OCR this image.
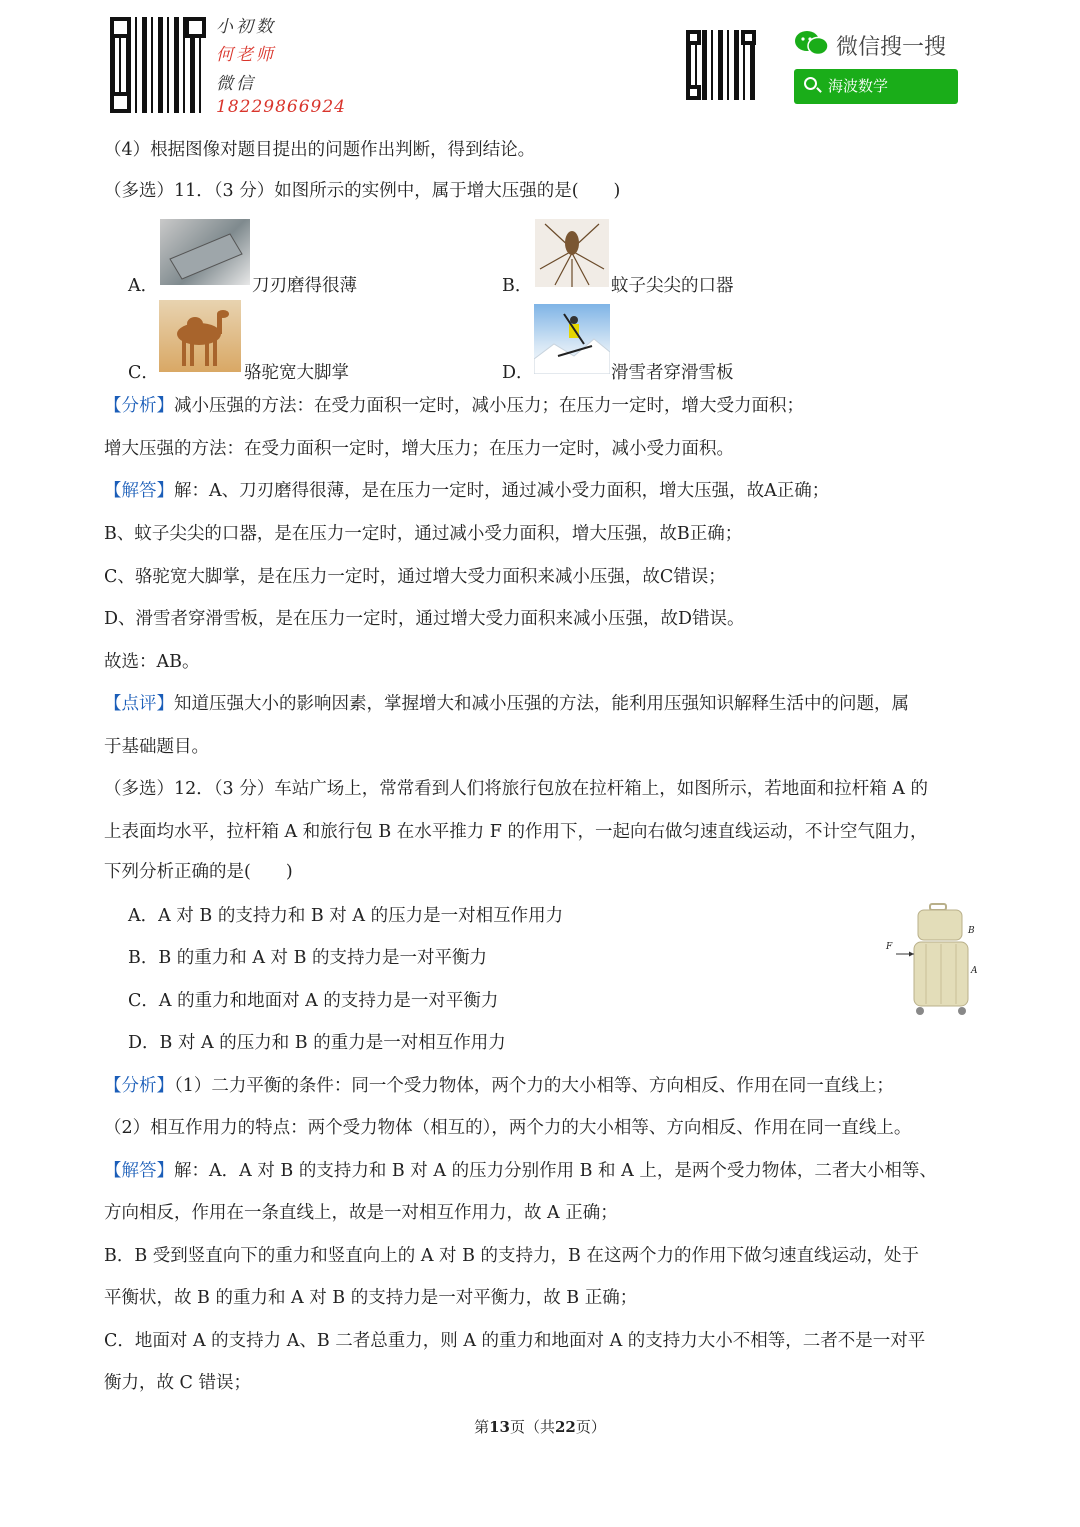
小初数
何老师
微信
18229866924
微信搜一搜
海波数学
（4）根据图像对题目提出的问题作出判断，得到结论。
（多选）11．（3 分）如图所示的实例中，属于增大压强的是(　　)
A．	刀刃磨得很薄	B．	蚊子尖尖的口器
C．	骆驼宽大脚掌	D．	滑雪者穿滑雪板
【分析】减小压强的方法：在受力面积一定时，减小压力；在压力一定时，增大受力面积；
增大压强的方法：在受力面积一定时，增大压力；在压力一定时，减小受力面积。
【解答】解：A、刀刃磨得很薄，是在压力一定时，通过减小受力面积，增大压强，故A正确；
B、蚊子尖尖的口器，是在压力一定时，通过减小受力面积，增大压强，故B正确；
C、骆驼宽大脚掌，是在压力一定时，通过增大受力面积来减小压强，故C错误；
D、滑雪者穿滑雪板，是在压力一定时，通过增大受力面积来减小压强，故D错误。
故选：AB。
【点评】知道压强大小的影响因素，掌握增大和减小压强的方法，能利用压强知识解释生活中的问题，属
于基础题目。
（多选）12．（3 分）车站广场上，常常看到人们将旅行包放在拉杆箱上，如图所示，若地面和拉杆箱 A 的
上表面均水平，拉杆箱 A 和旅行包 B 在水平推力 F 的作用下，一起向右做匀速直线运动，不计空气阻力，
下列分析正确的是(　　)
A．A 对 B 的支持力和 B 对 A 的压力是一对相互作用力
B．B 的重力和 A 对 B 的支持力是一对平衡力
C．A 的重力和地面对 A 的支持力是一对平衡力
D．B 对 A 的压力和 B 的重力是一对相互作用力
F
B
A
【分析】（1）二力平衡的条件：同一个受力物体，两个力的大小相等、方向相反、作用在同一直线上；
（2）相互作用力的特点：两个受力物体（相互的），两个力的大小相等、方向相反、作用在同一直线上。
【解答】解：A．A 对 B 的支持力和 B 对 A 的压力分别作用 B 和 A 上，是两个受力物体，二者大小相等、
方向相反，作用在一条直线上，故是一对相互作用力，故 A 正确；
B．B 受到竖直向下的重力和竖直向上的 A 对 B 的支持力，B 在这两个力的作用下做匀速直线运动，处于
平衡状，故 B 的重力和 A 对 B 的支持力是一对平衡力，故 B 正确；
C．地面对 A 的支持力 A、B 二者总重力，则 A 的重力和地面对 A 的支持力大小不相等，二者不是一对平
衡力，故 C 错误；
第13页（共22页）
